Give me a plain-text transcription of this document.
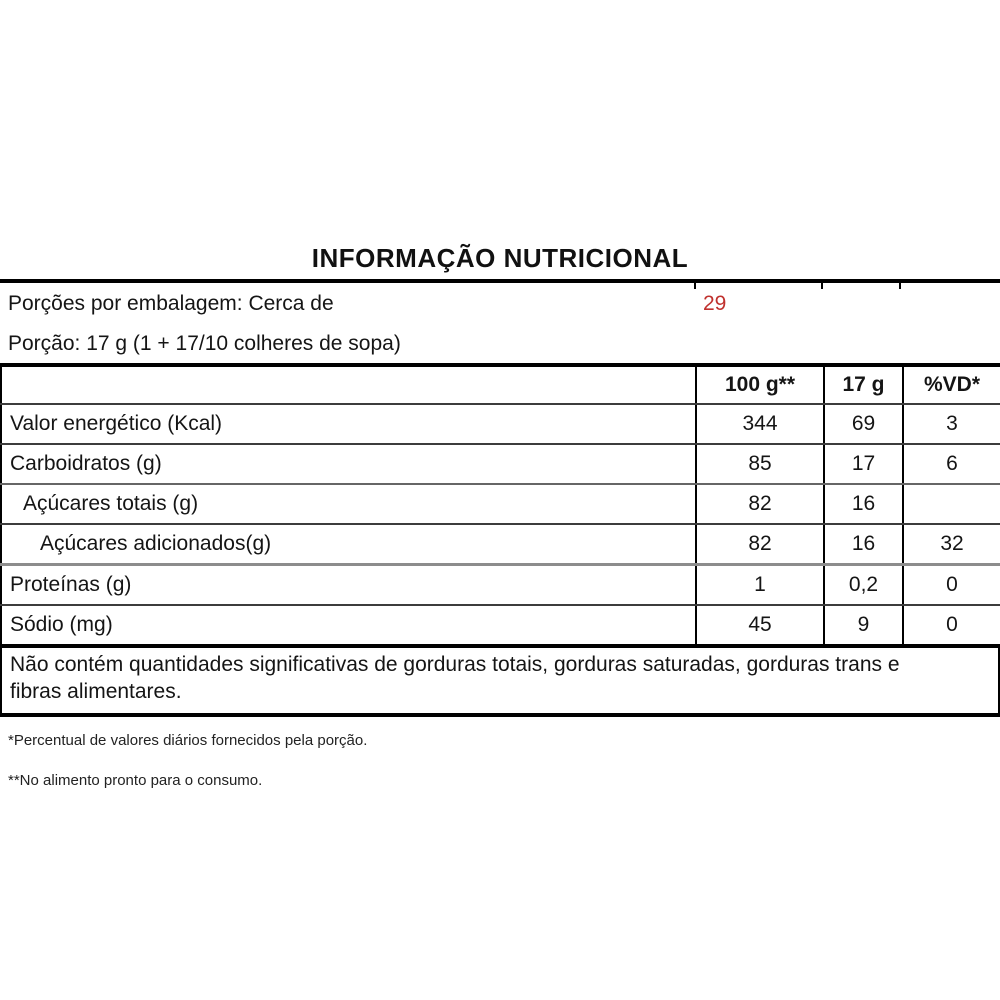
INFORMAÇÃO NUTRICIONAL

Porções por embalagem: Cerca de	29

Porção: 17 g (1 + 17/10 colheres de sopa)

	100 g**	17 g	%VD*
Valor energético (Kcal)	344	69	3
Carboidratos (g)	85	17	6
Açúcares totais (g)	82	16	
Açúcares adicionados(g)	82	16	32
Proteínas (g)	1	0,2	0
Sódio (mg)	45	9	0
Não contém quantidades significativas de gorduras totais, gorduras saturadas, gorduras trans e fibras alimentares.

*Percentual de valores diários fornecidos pela porção.

**No alimento pronto para o consumo.
